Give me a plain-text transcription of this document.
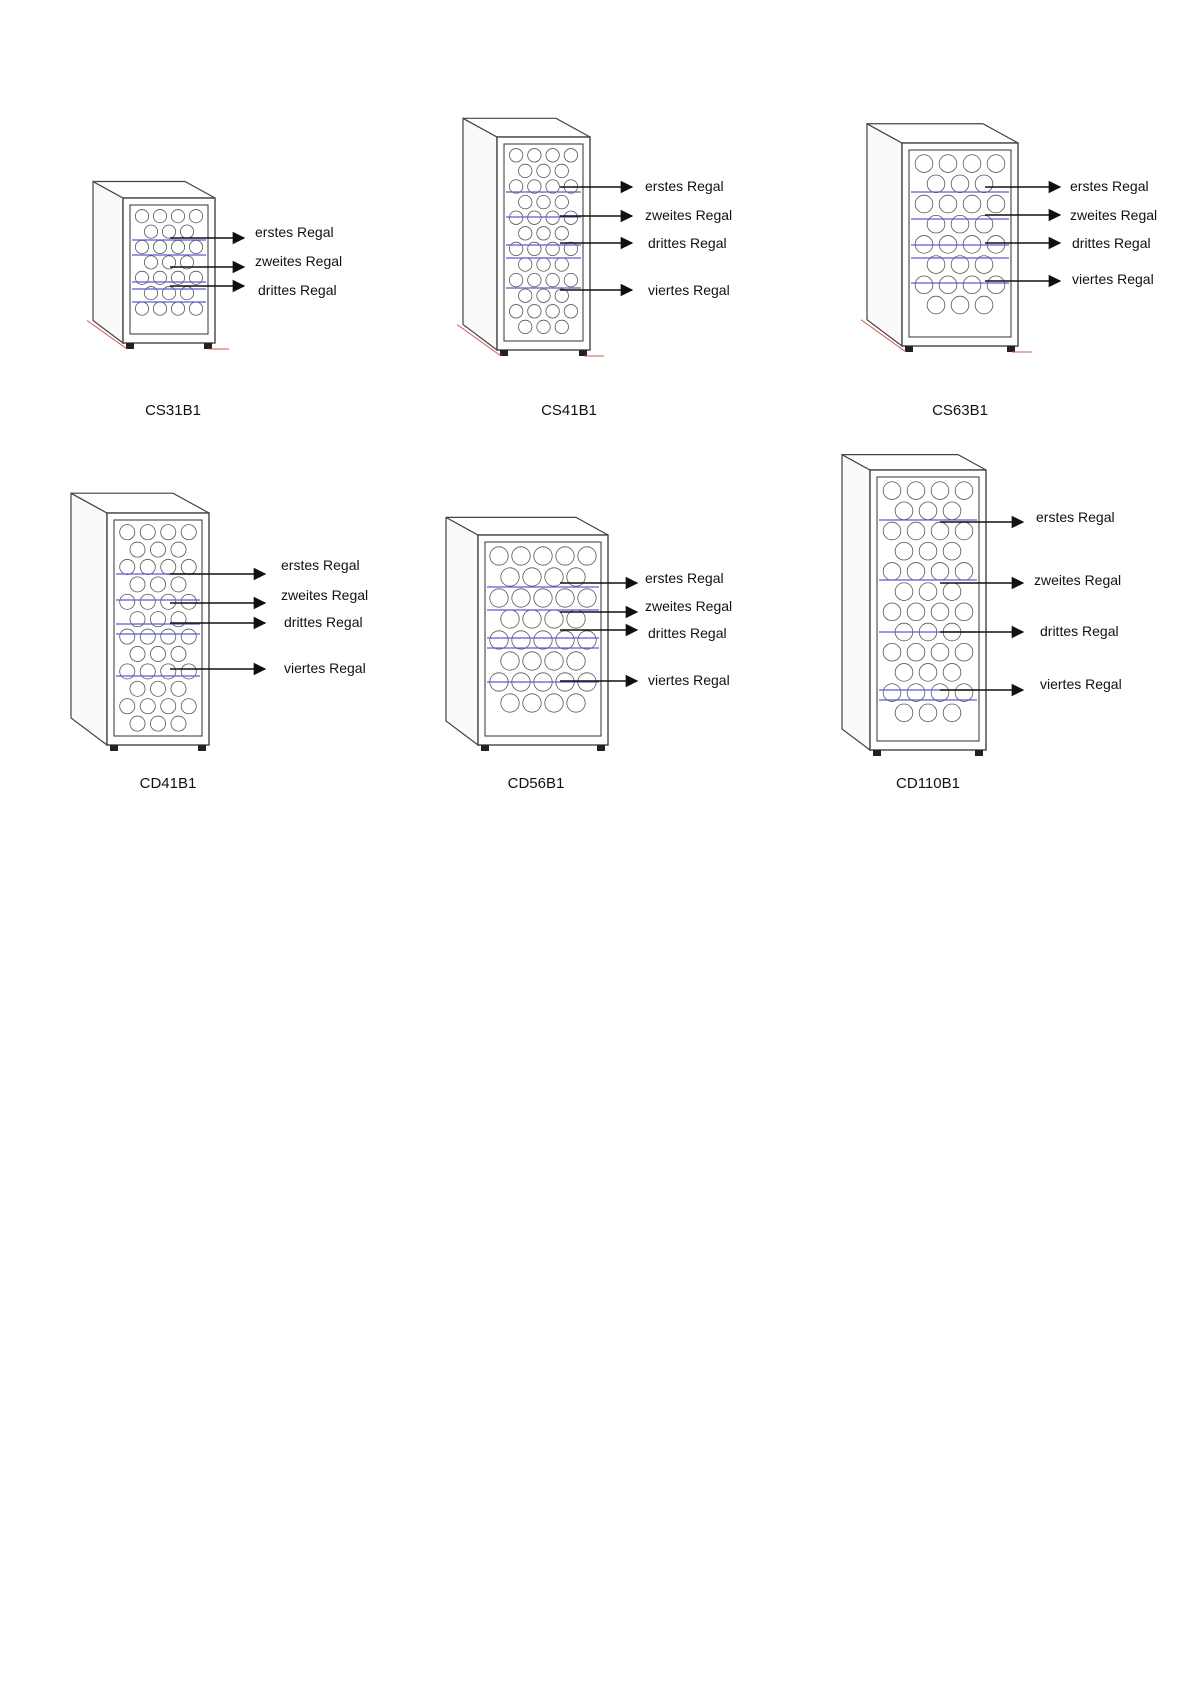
erstes Regal
zweites Regal
drittes Regal
CS31B1
erstes Regal
zweites Regal
drittes Regal
viertes Regal
CS41B1
erstes Regal
zweites Regal
drittes Regal
viertes Regal
CS63B1
erstes Regal
zweites Regal
drittes Regal
viertes Regal
CD41B1
erstes Regal
zweites Regal
drittes Regal
viertes Regal
CD56B1
erstes Regal
zweites Regal
drittes Regal
viertes Regal
CD110B1
